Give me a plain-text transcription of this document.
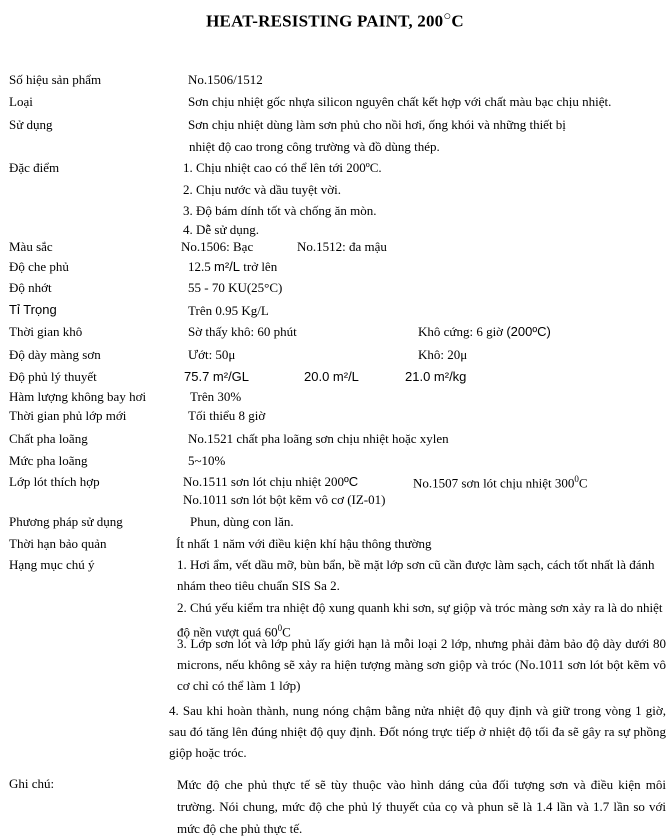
HEAT-RESISTING PAINT, 200○C
Số hiệu sản phẩm	No.1506/1512
Loại	Sơn chịu nhiệt gốc nhựa silicon nguyên chất kết hợp với chất màu bạc chịu nhiệt.
Sử dụng	Sơn chịu nhiệt dùng làm sơn phủ cho nồi hơi, ống khói và những thiết bị
nhiệt độ cao trong công trường và đồ dùng thép.
Đặc điểm	1. Chịu nhiệt cao có thể lên tới 200ºC.
2. Chịu nước và dầu tuyệt vời.
3. Độ bám dính tốt và chống ăn mòn.
4. Dễ sử dụng.
Màu sắc	No.1506: Bạc	No.1512: đa mậu
Độ che phủ	12.5 m²/L trở lên
Độ nhớt	55 - 70 KU(25°C)
Tỉ Trọng	Trên 0.95 Kg/L
Thời gian khô	Sờ thấy khô: 60 phút	Khô cứng: 6 giờ (200ºC)
Độ dày màng sơn	Ướt: 50μ	Khô: 20μ
Độ phủ lý thuyết	75.7 m²/GL	20.0 m²/L	21.0 m²/kg
Hàm lượng không bay hơi	Trên 30%
Thời gian phủ lớp mới	Tối thiểu 8 giờ
Chất pha loãng	No.1521 chất pha loãng sơn chịu nhiệt hoặc xylen
Mức pha loãng	5~10%
Lớp lót thích hợp	No.1511 sơn lót chịu nhiệt 200ºC	No.1507 sơn lót chịu nhiệt $300^0C$
No.1011 sơn lót bột kẽm vô cơ (IZ-01)
Phương pháp sử dụng	Phun, dùng con lăn.
Thời hạn bảo quản	Ít nhất 1 năm với điều kiện khí hậu thông thường
Hạng mục chú ý	1. Hơi ẩm, vết dầu mỡ, bùn bẩn, bề mặt lớp sơn cũ cần được làm sạch, cách tốt nhất là đánh nhám theo tiêu chuẩn SIS Sa 2.
2. Chú yếu kiểm tra nhiệt độ xung quanh khi sơn, sự giộp và tróc màng sơn xảy ra là do nhiệt độ nền vượt quá $60^0C$
3. Lớp sơn lót và lớp phủ lấy giới hạn lả mỗi loại 2 lớp, nhưng phải đảm bảo độ dày dưới 80 microns, nếu không sẽ xảy ra hiện tượng màng sơn giộp và tróc (No.1011 sơn lót bột kẽm vô cơ chỉ có thể làm 1 lớp)
4. Sau khi hoàn thành, nung nóng chậm bằng nửa nhiệt độ quy định và giữ trong vòng 1 giờ, sau đó tăng lên đúng nhiệt độ quy định. Đốt nóng trực tiếp ở nhiệt độ tối đa sẽ gây ra sự phồng giộp hoặc tróc.
Ghi chú:	Mức độ che phủ thực tế sẽ tùy thuộc vào hình dáng của đối tượng sơn và điều kiện môi trường. Nói chung, mức độ che phủ lý thuyết của cọ và phun sẽ là 1.4 lần và 1.7 lần so với mức độ che phủ thực tế.
